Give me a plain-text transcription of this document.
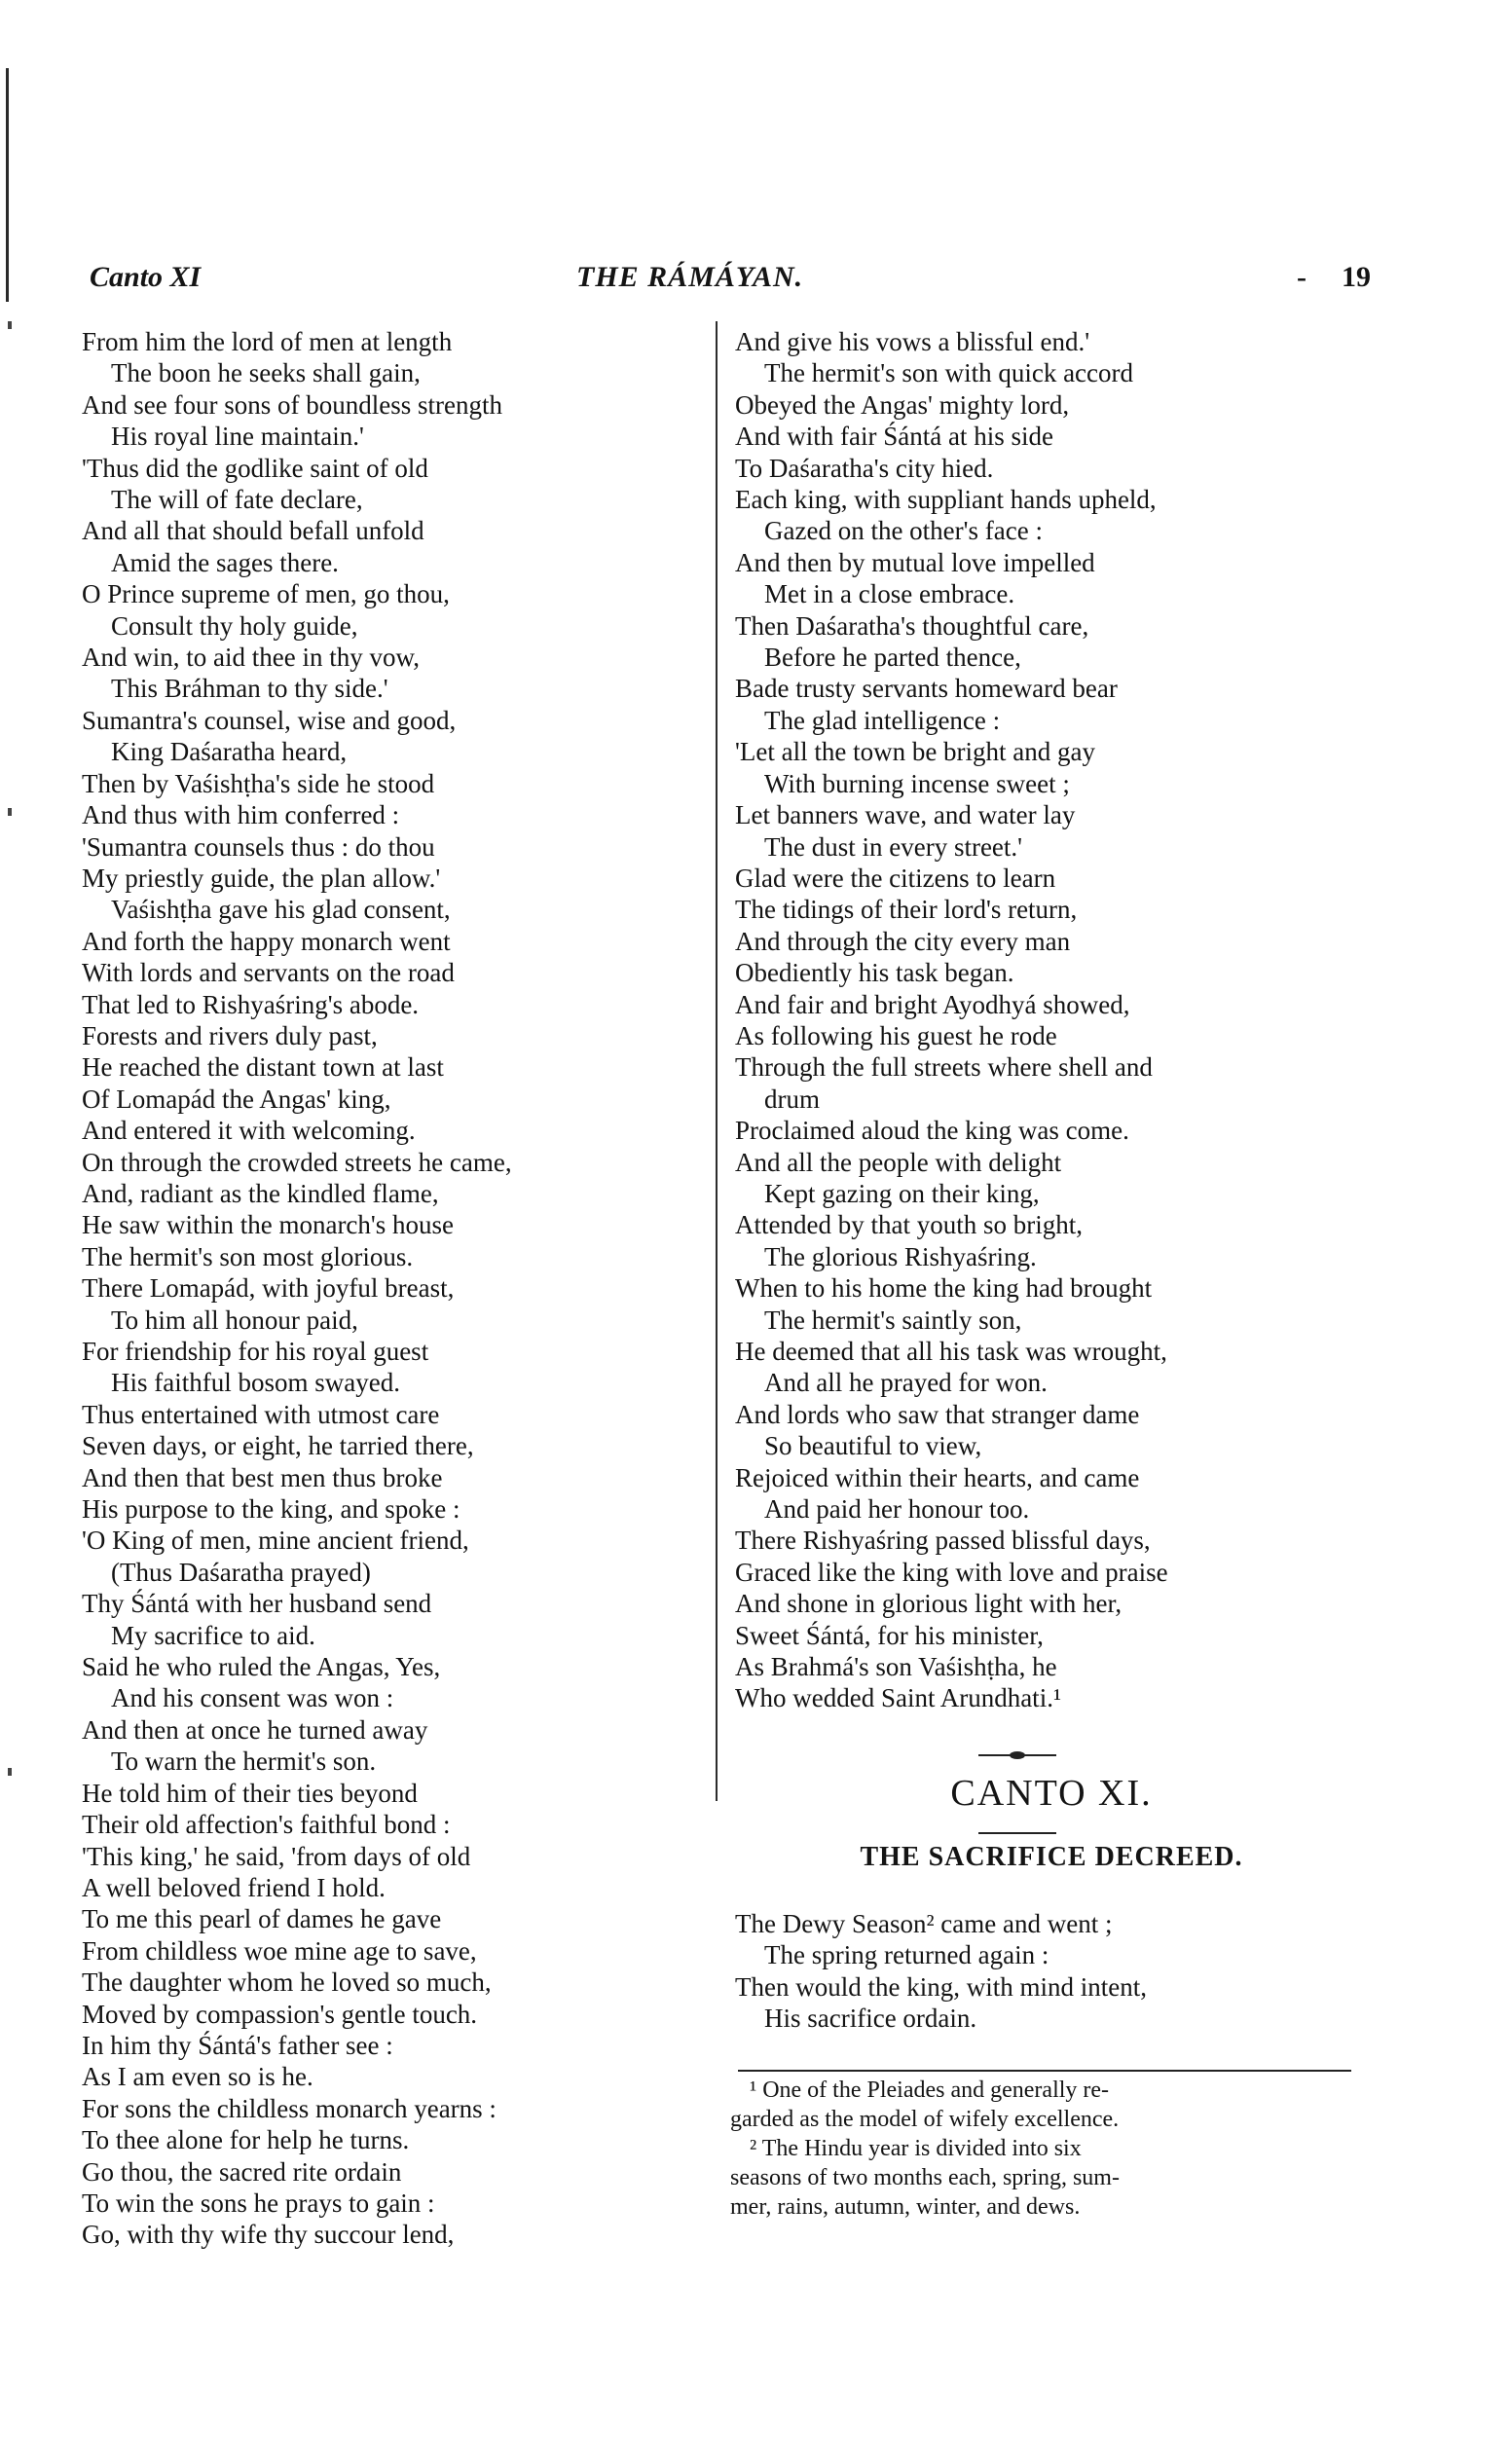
Canto XI	THE RÁMÁYAN.	- 19
From him the lord of men at length
The boon he seeks shall gain,
And see four sons of boundless strength
His royal line maintain.'
'Thus did the godlike saint of old
The will of fate declare,
And all that should befall unfold
Amid the sages there.
O Prince supreme of men, go thou,
Consult thy holy guide,
And win, to aid thee in thy vow,
This Bráhman to thy side.'
Sumantra's counsel, wise and good,
King Daśaratha heard,
Then by Vaśishṭha's side he stood
And thus with him conferred :
'Sumantra counsels thus : do thou
My priestly guide, the plan allow.'
Vaśishṭha gave his glad consent,
And forth the happy monarch went
With lords and servants on the road
That led to Rishyaśring's abode.
Forests and rivers duly past,
He reached the distant town at last
Of Lomapád the Angas' king,
And entered it with welcoming.
On through the crowded streets he came,
And, radiant as the kindled flame,
He saw within the monarch's house
The hermit's son most glorious.
There Lomapád, with joyful breast,
To him all honour paid,
For friendship for his royal guest
His faithful bosom swayed.
Thus entertained with utmost care
Seven days, or eight, he tarried there,
And then that best men thus broke
His purpose to the king, and spoke :
'O King of men, mine ancient friend,
(Thus Daśaratha prayed)
Thy Śántá with her husband send
My sacrifice to aid.
Said he who ruled the Angas, Yes,
And his consent was won :
And then at once he turned away
To warn the hermit's son.
He told him of their ties beyond
Their old affection's faithful bond :
'This king,' he said, 'from days of old
A well beloved friend I hold.
To me this pearl of dames he gave
From childless woe mine age to save,
The daughter whom he loved so much,
Moved by compassion's gentle touch.
In him thy Śántá's father see :
As I am even so is he.
For sons the childless monarch yearns :
To thee alone for help he turns.
Go thou, the sacred rite ordain
To win the sons he prays to gain :
Go, with thy wife thy succour lend,
And give his vows a blissful end.'
The hermit's son with quick accord
Obeyed the Angas' mighty lord,
And with fair Śántá at his side
To Daśaratha's city hied.
Each king, with suppliant hands upheld,
Gazed on the other's face :
And then by mutual love impelled
Met in a close embrace.
Then Daśaratha's thoughtful care,
Before he parted thence,
Bade trusty servants homeward bear
The glad intelligence :
'Let all the town be bright and gay
With burning incense sweet ;
Let banners wave, and water lay
The dust in every street.'
Glad were the citizens to learn
The tidings of their lord's return,
And through the city every man
Obediently his task began.
And fair and bright Ayodhyá showed,
As following his guest he rode
Through the full streets where shell and
drum
Proclaimed aloud the king was come.
And all the people with delight
Kept gazing on their king,
Attended by that youth so bright,
The glorious Rishyaśring.
When to his home the king had brought
The hermit's saintly son,
He deemed that all his task was wrought,
And all he prayed for won.
And lords who saw that stranger dame
So beautiful to view,
Rejoiced within their hearts, and came
And paid her honour too.
There Rishyaśring passed blissful days,
Graced like the king with love and praise
And shone in glorious light with her,
Sweet Śántá, for his minister,
As Brahmá's son Vaśishṭha, he
Who wedded Saint Arundhati.¹
CANTO XI.
THE SACRIFICE DECREED.
The Dewy Season² came and went ;
The spring returned again :
Then would the king, with mind intent,
His sacrifice ordain.
¹ One of the Pleiades and generally re-
garded as the model of wifely excellence.
² The Hindu year is divided into six
seasons of two months each, spring, sum-
mer, rains, autumn, winter, and dews.
